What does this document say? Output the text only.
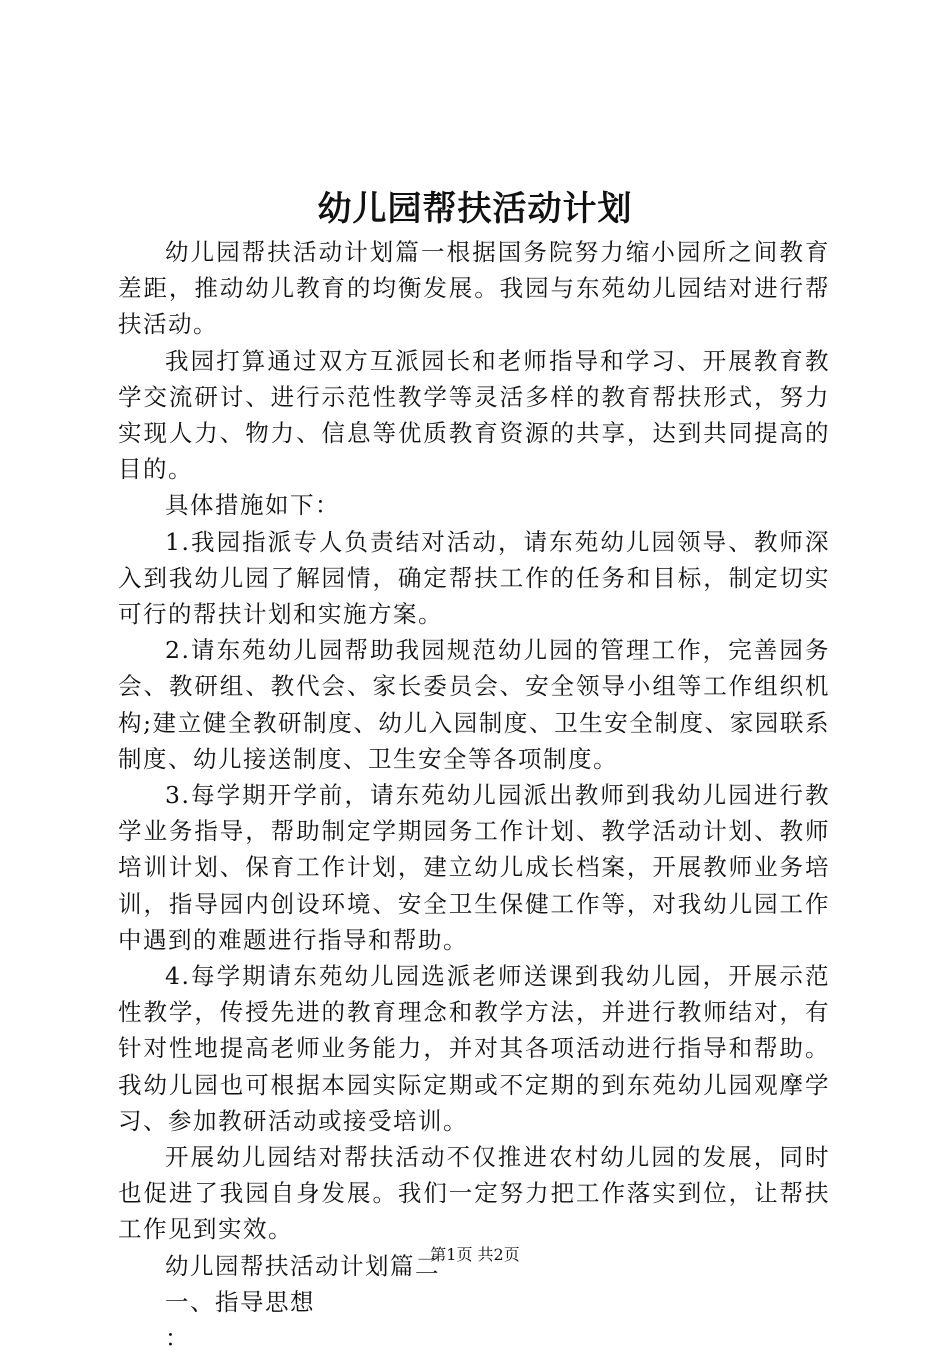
幼儿园帮扶活动计划

幼儿园帮扶活动计划篇一根据国务院努力缩小园所之间教育差距，推动幼儿教育的均衡发展。我园与东苑幼儿园结对进行帮扶活动。

我园打算通过双方互派园长和老师指导和学习、开展教育教学交流研讨、进行示范性教学等灵活多样的教育帮扶形式，努力实现人力、物力、信息等优质教育资源的共享，达到共同提高的目的。

具体措施如下：

1.我园指派专人负责结对活动，请东苑幼儿园领导、教师深入到我幼儿园了解园情，确定帮扶工作的任务和目标，制定切实可行的帮扶计划和实施方案。

2.请东苑幼儿园帮助我园规范幼儿园的管理工作，完善园务会、教研组、教代会、家长委员会、安全领导小组等工作组织机构;建立健全教研制度、幼儿入园制度、卫生安全制度、家园联系制度、幼儿接送制度、卫生安全等各项制度。

3.每学期开学前，请东苑幼儿园派出教师到我幼儿园进行教学业务指导，帮助制定学期园务工作计划、教学活动计划、教师培训计划、保育工作计划，建立幼儿成长档案，开展教师业务培训，指导园内创设环境、安全卫生保健工作等，对我幼儿园工作中遇到的难题进行指导和帮助。

4.每学期请东苑幼儿园选派老师送课到我幼儿园，开展示范性教学，传授先进的教育理念和教学方法，并进行教师结对，有针对性地提高老师业务能力，并对其各项活动进行指导和帮助。我幼儿园也可根据本园实际定期或不定期的到东苑幼儿园观摩学习、参加教研活动或接受培训。

开展幼儿园结对帮扶活动不仅推进农村幼儿园的发展，同时也促进了我园自身发展。我们一定努力把工作落实到位，让帮扶工作见到实效。

幼儿园帮扶活动计划篇二

一、指导思想

：

第1页 共2页
